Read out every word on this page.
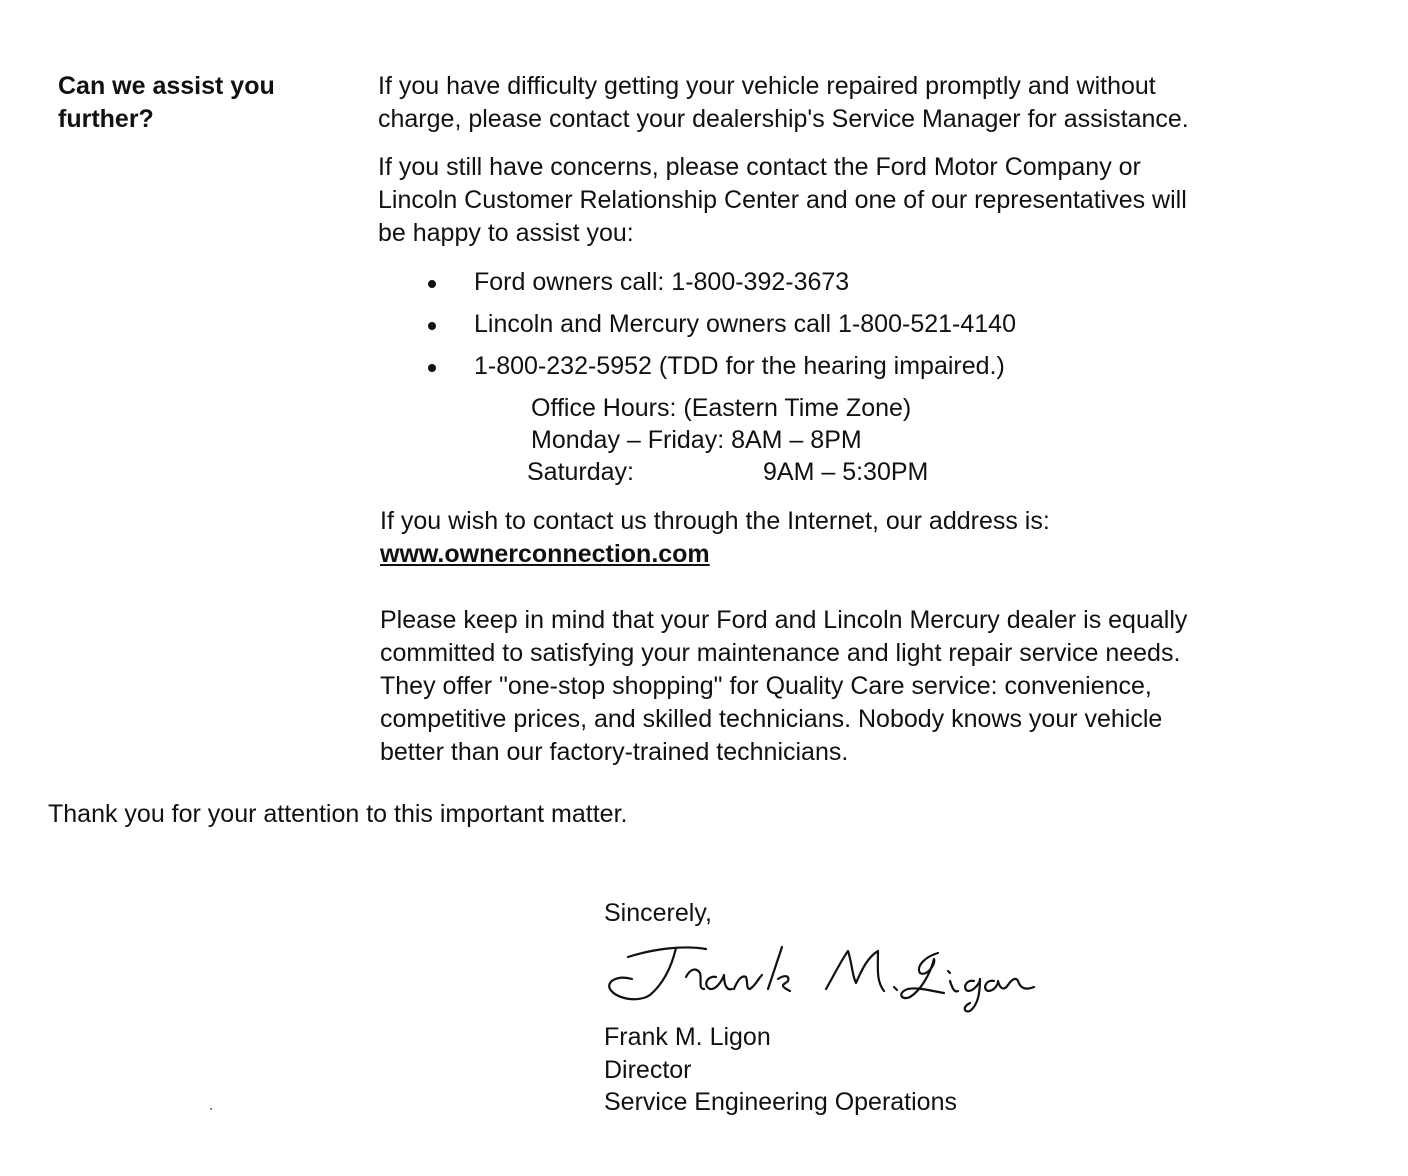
Can we assist you
further?
If you have difficulty getting your vehicle repaired promptly and without
charge, please contact your dealership's Service Manager for assistance.
If you still have concerns, please contact the Ford Motor Company or
Lincoln Customer Relationship Center and one of our representatives will
be happy to assist you:
Ford owners call: 1-800-392-3673
Lincoln and Mercury owners call 1-800-521-4140
1-800-232-5952 (TDD for the hearing impaired.)
Office Hours: (Eastern Time Zone)
Monday – Friday: 8AM – 8PM
Saturday:	9AM – 5:30PM
If you wish to contact us through the Internet, our address is:
www.ownerconnection.com
Please keep in mind that your Ford and Lincoln Mercury dealer is equally
committed to satisfying your maintenance and light repair service needs.
They offer "one-stop shopping" for Quality Care service: convenience,
competitive prices, and skilled technicians. Nobody knows your vehicle
better than our factory-trained technicians.
Thank you for your attention to this important matter.
Sincerely,
Frank M. Ligon
Director
Service Engineering Operations
